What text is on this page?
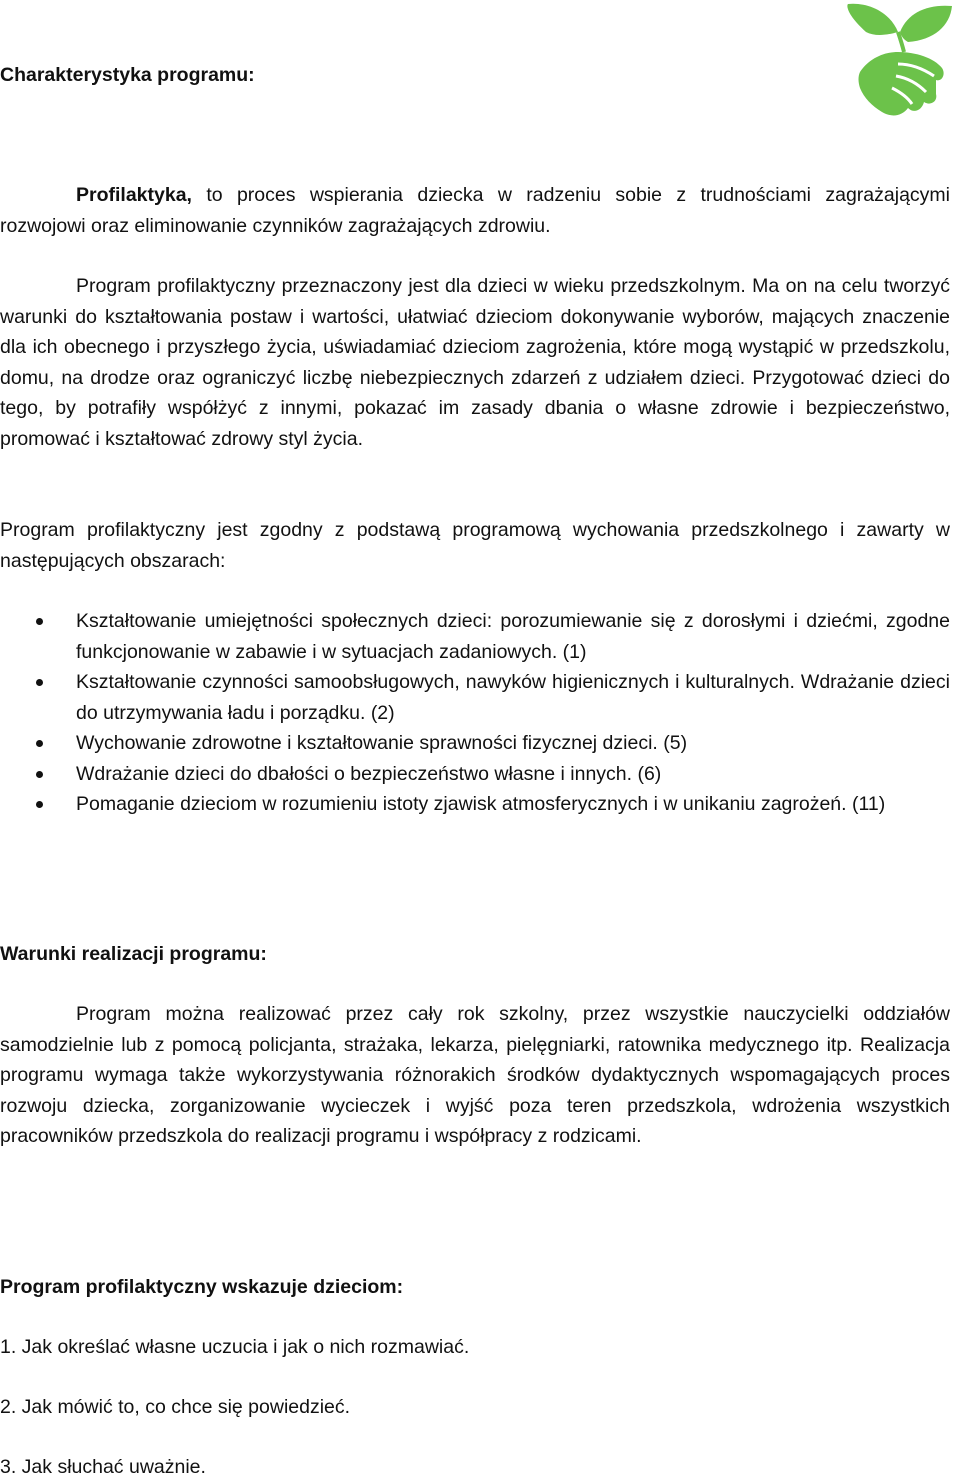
Charakterystyka programu:
Profilaktyka, to proces wspierania dziecka w radzeniu sobie z trudnościami zagrażającymi rozwojowi oraz eliminowanie czynników zagrażających zdrowiu.
Program profilaktyczny przeznaczony jest dla dzieci w wieku przedszkolnym. Ma on na celu tworzyć warunki do kształtowania postaw i wartości, ułatwiać dzieciom dokonywanie wyborów, mających znaczenie dla ich obecnego i przyszłego życia, uświadamiać dzieciom zagrożenia, które mogą wystąpić w przedszkolu, domu, na drodze oraz ograniczyć liczbę niebezpiecznych zdarzeń z udziałem dzieci. Przygotować dzieci do tego, by potrafiły współżyć z innymi, pokazać im zasady dbania o własne zdrowie i bezpieczeństwo, promować i kształtować zdrowy styl życia.
Program profilaktyczny jest zgodny z podstawą programową wychowania przedszkolnego i zawarty w następujących obszarach:
Kształtowanie umiejętności społecznych dzieci: porozumiewanie się z dorosłymi i dziećmi, zgodne funkcjonowanie w zabawie i w sytuacjach zadaniowych. (1)
Kształtowanie czynności samoobsługowych, nawyków higienicznych i kulturalnych. Wdrażanie dzieci do utrzymywania ładu i porządku. (2)
Wychowanie zdrowotne i kształtowanie sprawności fizycznej dzieci. (5)
Wdrażanie dzieci do dbałości o bezpieczeństwo własne i innych. (6)
Pomaganie dzieciom w rozumieniu istoty zjawisk atmosferycznych i w unikaniu zagrożeń. (11)
Warunki realizacji programu:
Program można realizować przez cały rok szkolny, przez wszystkie nauczycielki oddziałów samodzielnie lub z pomocą policjanta, strażaka, lekarza, pielęgniarki, ratownika medycznego itp. Realizacja programu wymaga także wykorzystywania różnorakich środków dydaktycznych wspomagających proces rozwoju dziecka, zorganizowanie wycieczek i wyjść poza teren przedszkola, wdrożenia wszystkich pracowników przedszkola do realizacji programu i współpracy z rodzicami.
Program profilaktyczny wskazuje dzieciom:
1. Jak określać własne uczucia i jak o nich rozmawiać.
2. Jak mówić to, co chce się powiedzieć.
3. Jak słuchać uważnie.
